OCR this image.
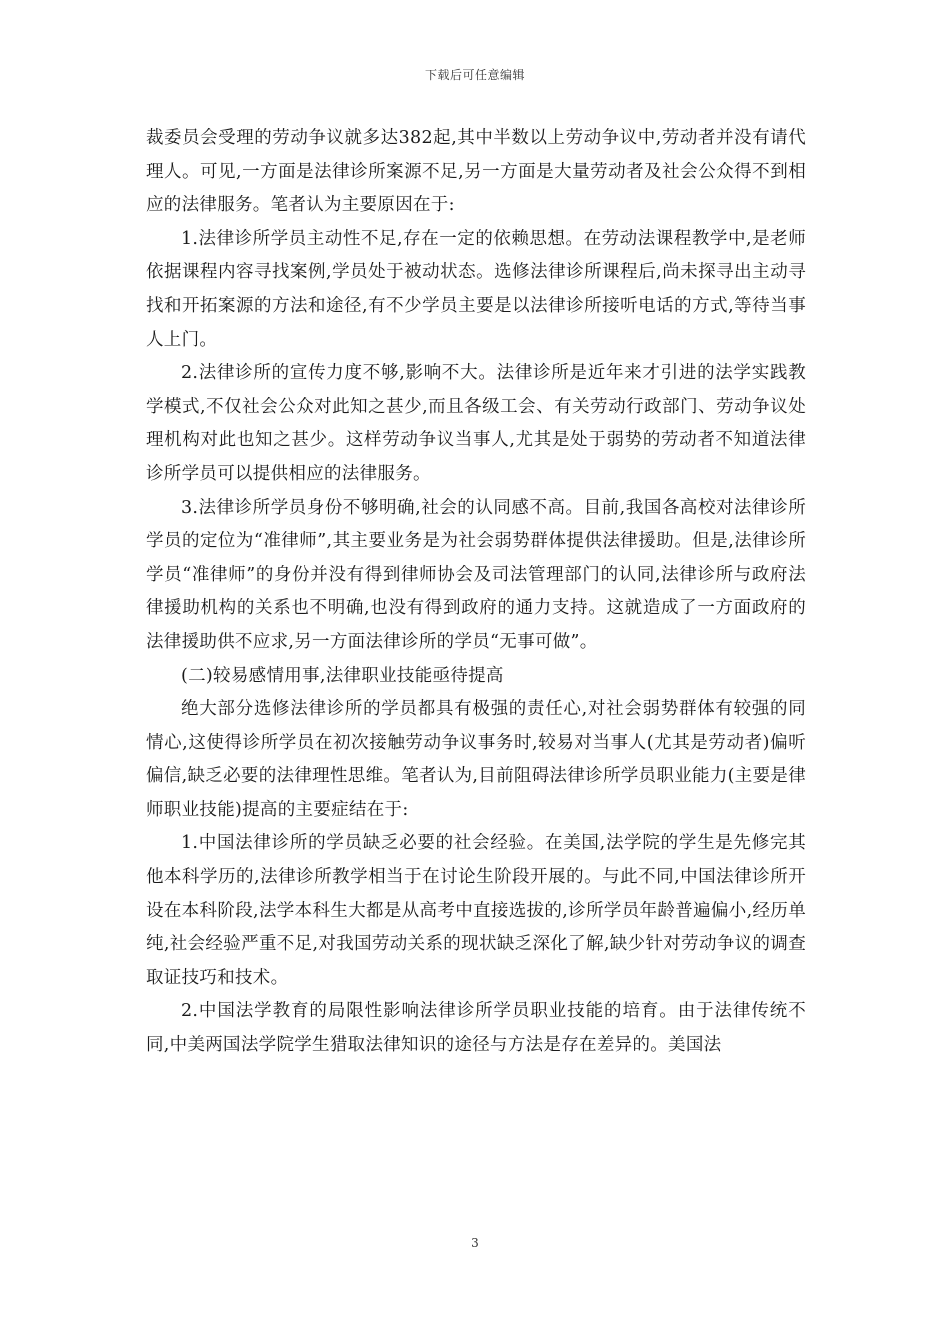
下载后可任意编辑

裁委员会受理的劳动争议就多达382起,其中半数以上劳动争议中,劳动者并没有请代理人。可见,一方面是法律诊所案源不足,另一方面是大量劳动者及社会公众得不到相应的法律服务。笔者认为主要原因在于:

1.法律诊所学员主动性不足,存在一定的依赖思想。在劳动法课程教学中,是老师依据课程内容寻找案例,学员处于被动状态。选修法律诊所课程后,尚未探寻出主动寻找和开拓案源的方法和途径,有不少学员主要是以法律诊所接听电话的方式,等待当事人上门。

2.法律诊所的宣传力度不够,影响不大。法律诊所是近年来才引进的法学实践教学模式,不仅社会公众对此知之甚少,而且各级工会、有关劳动行政部门、劳动争议处理机构对此也知之甚少。这样劳动争议当事人,尤其是处于弱势的劳动者不知道法律诊所学员可以提供相应的法律服务。

3.法律诊所学员身份不够明确,社会的认同感不高。目前,我国各高校对法律诊所学员的定位为“准律师”,其主要业务是为社会弱势群体提供法律援助。但是,法律诊所学员“准律师”的身份并没有得到律师协会及司法管理部门的认同,法律诊所与政府法律援助机构的关系也不明确,也没有得到政府的通力支持。这就造成了一方面政府的法律援助供不应求,另一方面法律诊所的学员“无事可做”。

(二)较易感情用事,法律职业技能亟待提高

绝大部分选修法律诊所的学员都具有极强的责任心,对社会弱势群体有较强的同情心,这使得诊所学员在初次接触劳动争议事务时,较易对当事人(尤其是劳动者)偏听偏信,缺乏必要的法律理性思维。笔者认为,目前阻碍法律诊所学员职业能力(主要是律师职业技能)提高的主要症结在于:

1.中国法律诊所的学员缺乏必要的社会经验。在美国,法学院的学生是先修完其他本科学历的,法律诊所教学相当于在讨论生阶段开展的。与此不同,中国法律诊所开设在本科阶段,法学本科生大都是从高考中直接选拔的,诊所学员年龄普遍偏小,经历单纯,社会经验严重不足,对我国劳动关系的现状缺乏深化了解,缺少针对劳动争议的调查取证技巧和技术。

2.中国法学教育的局限性影响法律诊所学员职业技能的培育。由于法律传统不同,中美两国法学院学生猎取法律知识的途径与方法是存在差异的。美国法

3
